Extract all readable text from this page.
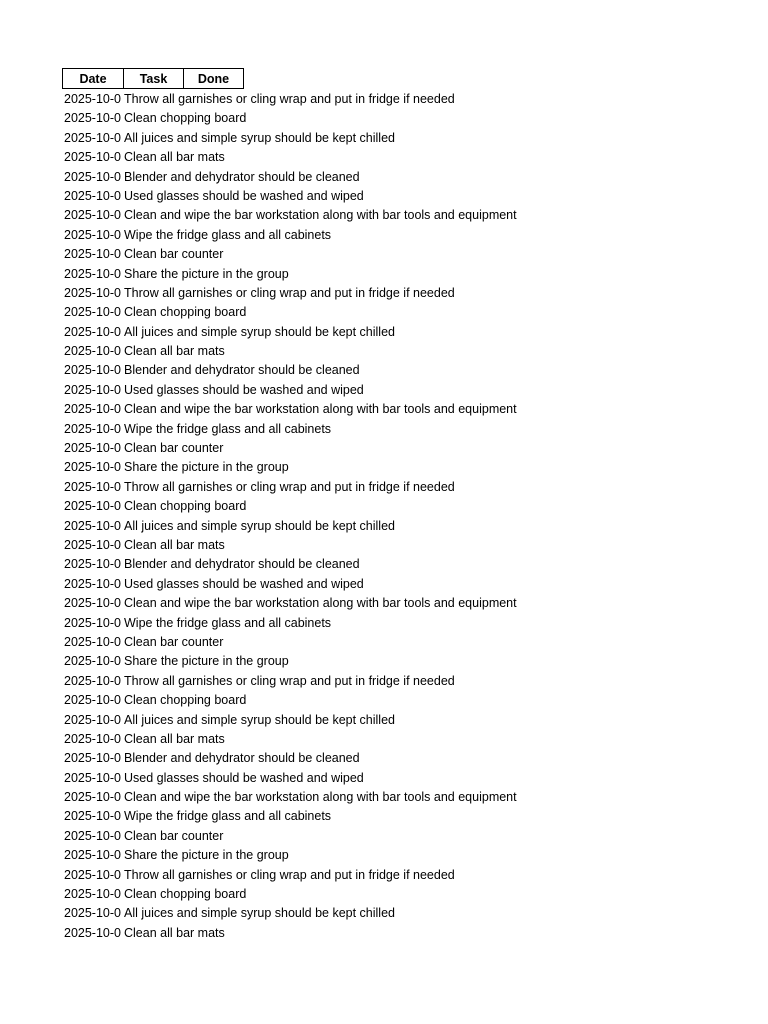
Date	Task	Done
2025-10-0 Throw all garnishes or cling wrap and put in fridge if needed
2025-10-0 Clean chopping board
2025-10-0 All juices and simple syrup should be kept chilled
2025-10-0 Clean all bar mats
2025-10-0 Blender and dehydrator should be cleaned
2025-10-0 Used glasses should be washed and wiped
2025-10-0 Clean and wipe the bar workstation along with bar tools and equipment
2025-10-0 Wipe the fridge glass and all cabinets
2025-10-0 Clean bar counter
2025-10-0 Share the picture in the group
2025-10-0 Throw all garnishes or cling wrap and put in fridge if needed
2025-10-0 Clean chopping board
2025-10-0 All juices and simple syrup should be kept chilled
2025-10-0 Clean all bar mats
2025-10-0 Blender and dehydrator should be cleaned
2025-10-0 Used glasses should be washed and wiped
2025-10-0 Clean and wipe the bar workstation along with bar tools and equipment
2025-10-0 Wipe the fridge glass and all cabinets
2025-10-0 Clean bar counter
2025-10-0 Share the picture in the group
2025-10-0 Throw all garnishes or cling wrap and put in fridge if needed
2025-10-0 Clean chopping board
2025-10-0 All juices and simple syrup should be kept chilled
2025-10-0 Clean all bar mats
2025-10-0 Blender and dehydrator should be cleaned
2025-10-0 Used glasses should be washed and wiped
2025-10-0 Clean and wipe the bar workstation along with bar tools and equipment
2025-10-0 Wipe the fridge glass and all cabinets
2025-10-0 Clean bar counter
2025-10-0 Share the picture in the group
2025-10-0 Throw all garnishes or cling wrap and put in fridge if needed
2025-10-0 Clean chopping board
2025-10-0 All juices and simple syrup should be kept chilled
2025-10-0 Clean all bar mats
2025-10-0 Blender and dehydrator should be cleaned
2025-10-0 Used glasses should be washed and wiped
2025-10-0 Clean and wipe the bar workstation along with bar tools and equipment
2025-10-0 Wipe the fridge glass and all cabinets
2025-10-0 Clean bar counter
2025-10-0 Share the picture in the group
2025-10-0 Throw all garnishes or cling wrap and put in fridge if needed
2025-10-0 Clean chopping board
2025-10-0 All juices and simple syrup should be kept chilled
2025-10-0 Clean all bar mats
